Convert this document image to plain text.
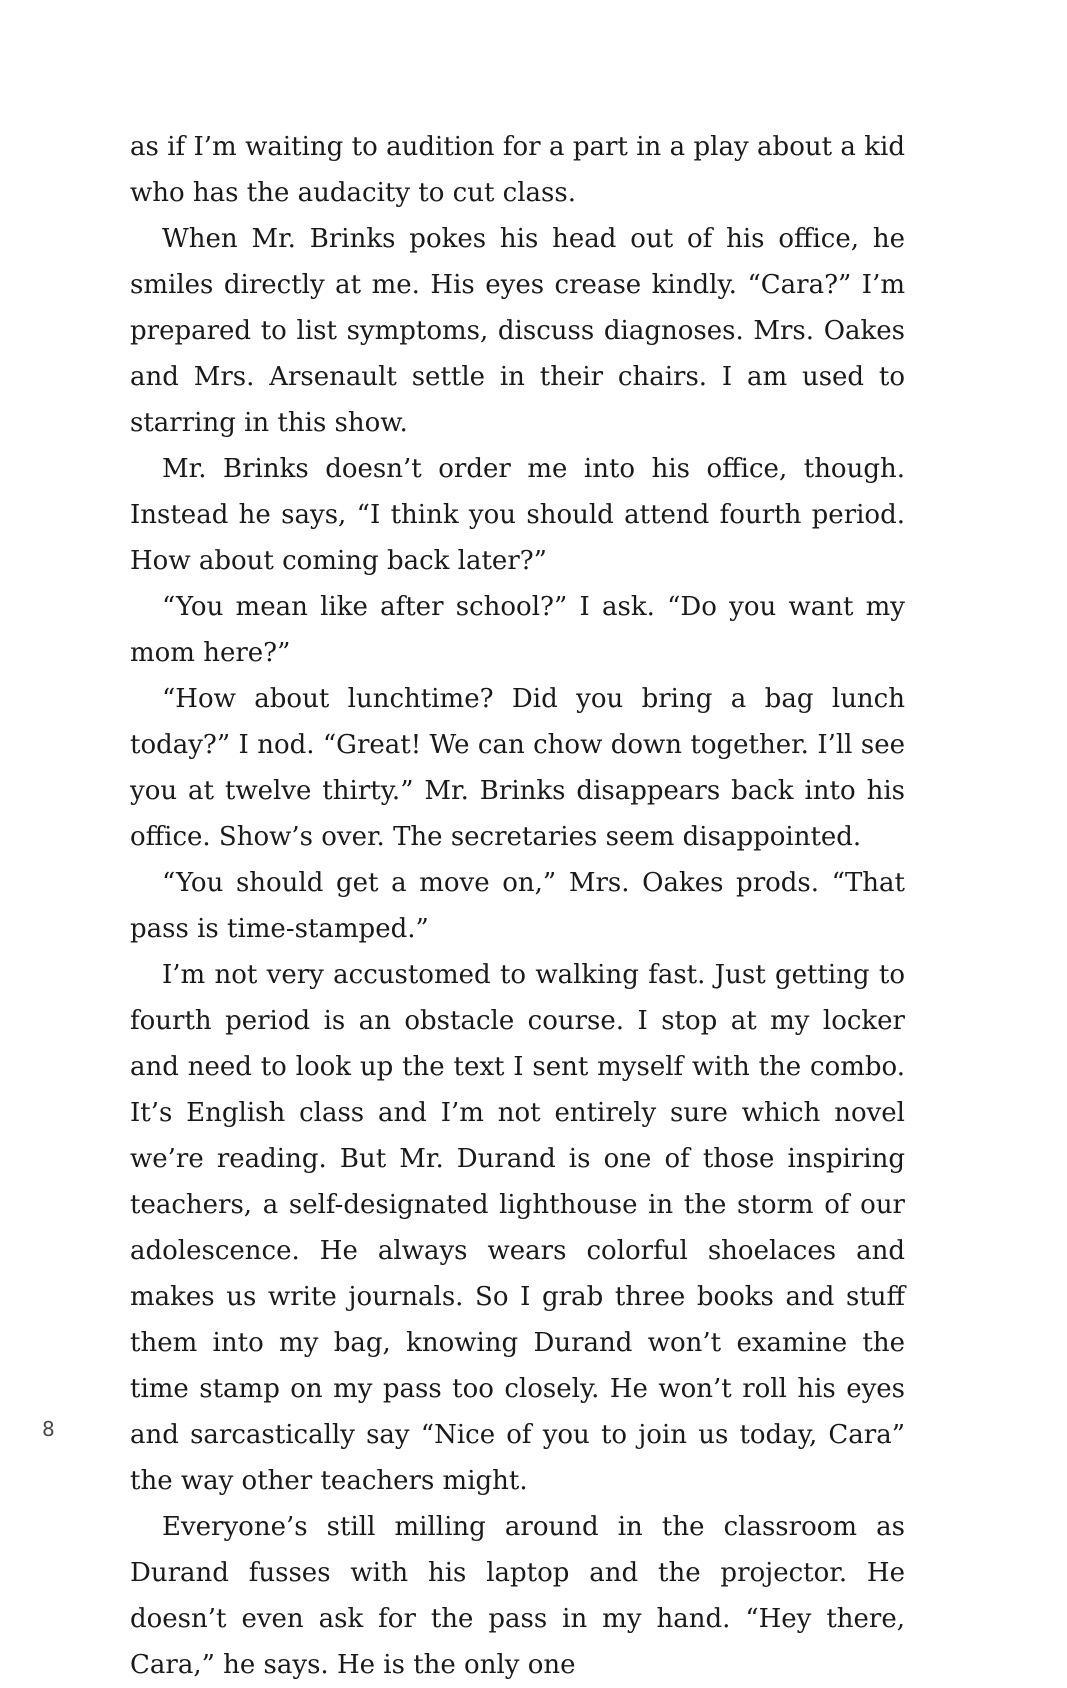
as if I’m waiting to audition for a part in a play about a kid who has the audacity to cut class.

When Mr. Brinks pokes his head out of his office, he smiles directly at me. His eyes crease kindly. “Cara?” I’m prepared to list symptoms, discuss diagnoses. Mrs. Oakes and Mrs. Arsenault settle in their chairs. I am used to starring in this show.

Mr. Brinks doesn’t order me into his office, though. Instead he says, “I think you should attend fourth period. How about coming back later?”

“You mean like after school?” I ask. “Do you want my mom here?”

“How about lunchtime? Did you bring a bag lunch today?” I nod. “Great! We can chow down together. I’ll see you at twelve thirty.” Mr. Brinks disappears back into his office. Show’s over. The secretaries seem disappointed.

“You should get a move on,” Mrs. Oakes prods. “That pass is time-stamped.”

I’m not very accustomed to walking fast. Just getting to fourth period is an obstacle course. I stop at my locker and need to look up the text I sent myself with the combo. It’s English class and I’m not entirely sure which novel we’re reading. But Mr. Durand is one of those inspiring teachers, a self-designated lighthouse in the storm of our adolescence. He always wears colorful shoelaces and makes us write journals. So I grab three books and stuff them into my bag, knowing Durand won’t examine the time stamp on my pass too closely. He won’t roll his eyes and sarcastically say “Nice of you to join us today, Cara” the way other teachers might.

Everyone’s still milling around in the classroom as Durand fusses with his laptop and the projector. He doesn’t even ask for the pass in my hand. “Hey there, Cara,” he says. He is the only one

8
